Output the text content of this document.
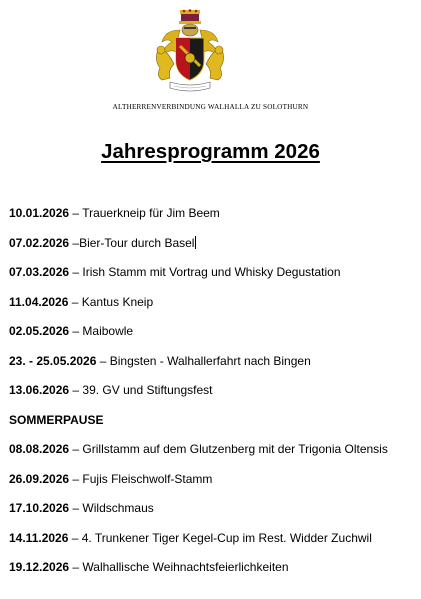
ALTHERRENVERBINDUNG WALHALLA ZU SOLOTHURN
Jahresprogramm 2026
10.01.2026 – Trauerkneip für Jim Beem
07.02.2026 –Bier-Tour durch Basel
07.03.2026 – Irish Stamm mit Vortrag und Whisky Degustation
11.04.2026 – Kantus Kneip
02.05.2026 – Maibowle
23. - 25.05.2026 – Bingsten - Walhallerfahrt nach Bingen
13.06.2026 – 39. GV und Stiftungsfest
SOMMERPAUSE
08.08.2026 – Grillstamm auf dem Glutzenberg mit der Trigonia Oltensis
26.09.2026 – Fujis Fleischwolf-Stamm
17.10.2026 – Wildschmaus
14.11.2026 – 4. Trunkener Tiger Kegel-Cup im Rest. Widder Zuchwil
19.12.2026 – Walhallische Weihnachtsfeierlichkeiten
